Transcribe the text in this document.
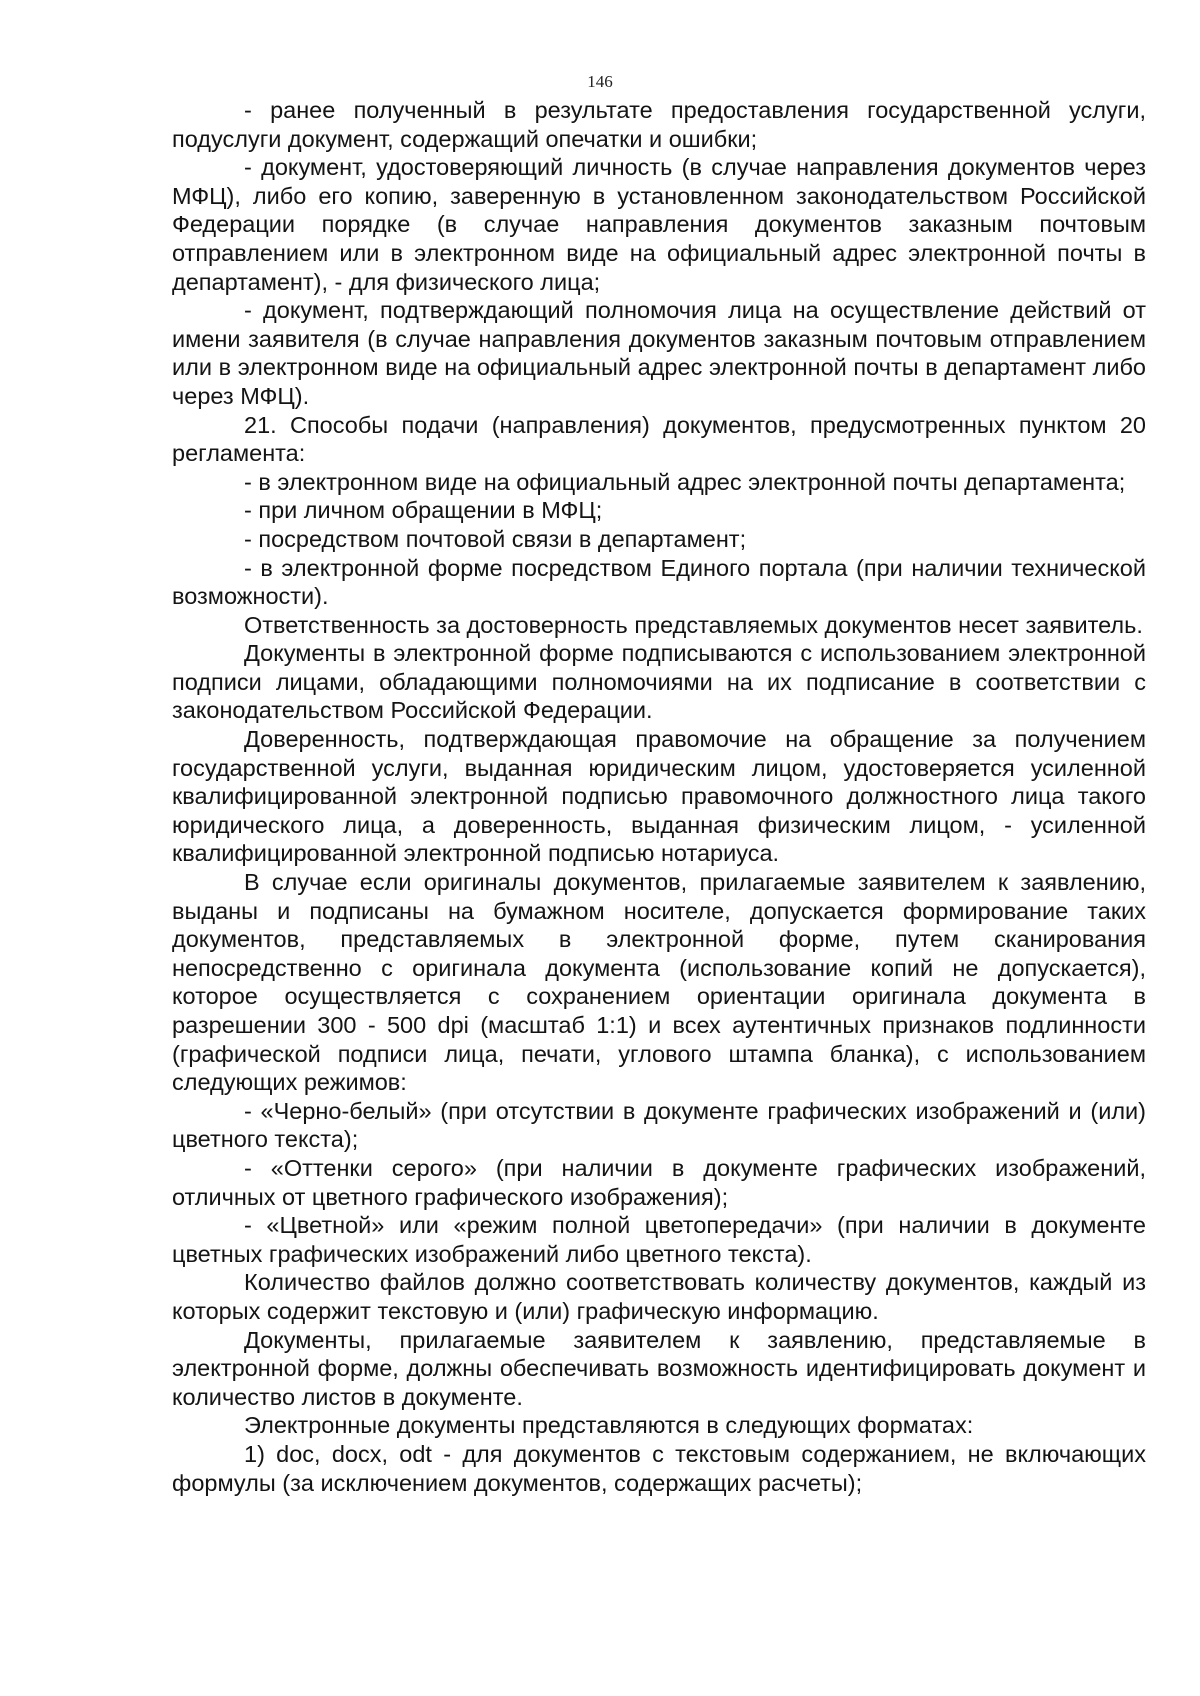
146

- ранее полученный в результате предоставления государственной услуги, подуслуги документ, содержащий опечатки и ошибки;

- документ, удостоверяющий личность (в случае направления документов через МФЦ), либо его копию, заверенную в установленном законодательством Российской Федерации порядке (в случае направления документов заказным почтовым отправлением или в электронном виде на официальный адрес электронной почты в департамент), - для физического лица;

- документ, подтверждающий полномочия лица на осуществление действий от имени заявителя (в случае направления документов заказным почтовым отправлением или в электронном виде на официальный адрес электронной почты в департамент либо через МФЦ).

21. Способы подачи (направления) документов, предусмотренных пунктом 20 регламента:

- в электронном виде на официальный адрес электронной почты департамента;

- при личном обращении в МФЦ;

- посредством почтовой связи в департамент;

- в электронной форме посредством Единого портала (при наличии технической возможности).

Ответственность за достоверность представляемых документов несет заявитель.

Документы в электронной форме подписываются с использованием электронной подписи лицами, обладающими полномочиями на их подписание в соответствии с законодательством Российской Федерации.

Доверенность, подтверждающая правомочие на обращение за получением государственной услуги, выданная юридическим лицом, удостоверяется усиленной квалифицированной электронной подписью правомочного должностного лица такого юридического лица, а доверенность, выданная физическим лицом, - усиленной квалифицированной электронной подписью нотариуса.

В случае если оригиналы документов, прилагаемые заявителем к заявлению, выданы и подписаны на бумажном носителе, допускается формирование таких документов, представляемых в электронной форме, путем сканирования непосредственно с оригинала документа (использование копий не допускается), которое осуществляется с сохранением ориентации оригинала документа в разрешении 300 - 500 dpi (масштаб 1:1) и всех аутентичных признаков подлинности (графической подписи лица, печати, углового штампа бланка), с использованием следующих режимов:

- «Черно-белый» (при отсутствии в документе графических изображений и (или) цветного текста);

- «Оттенки серого» (при наличии в документе графических изображений, отличных от цветного графического изображения);

- «Цветной» или «режим полной цветопередачи» (при наличии в документе цветных графических изображений либо цветного текста).

Количество файлов должно соответствовать количеству документов, каждый из которых содержит текстовую и (или) графическую информацию.

Документы, прилагаемые заявителем к заявлению, представляемые в электронной форме, должны обеспечивать возможность идентифицировать документ и количество листов в документе.

Электронные документы представляются в следующих форматах:

1) doc, docx, odt - для документов с текстовым содержанием, не включающих формулы (за исключением документов, содержащих расчеты);
